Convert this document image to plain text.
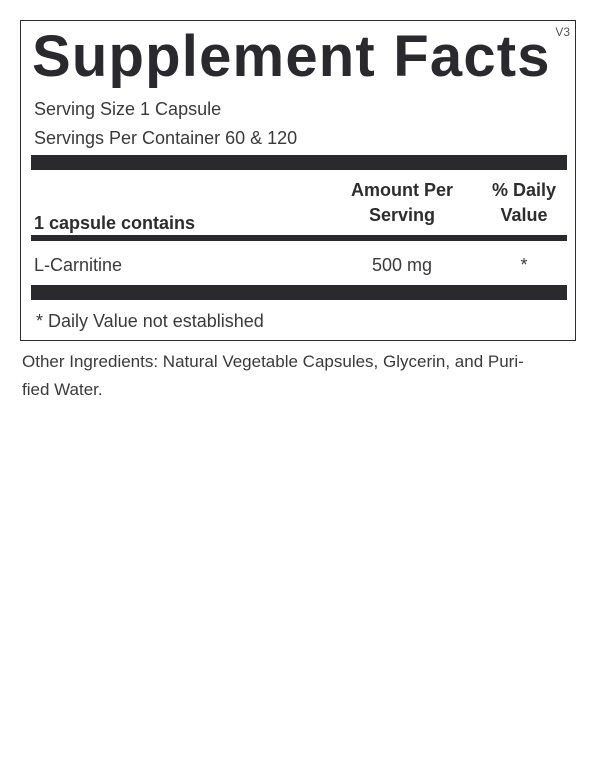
V3
Supplement Facts
Serving Size 1 Capsule
Servings Per Container 60 & 120
1 capsule contains
Amount Per
Serving
% Daily
Value
L-Carnitine	500 mg	*
* Daily Value not established
Other Ingredients: Natural Vegetable Capsules, Glycerin, and Puri-
fied Water.
